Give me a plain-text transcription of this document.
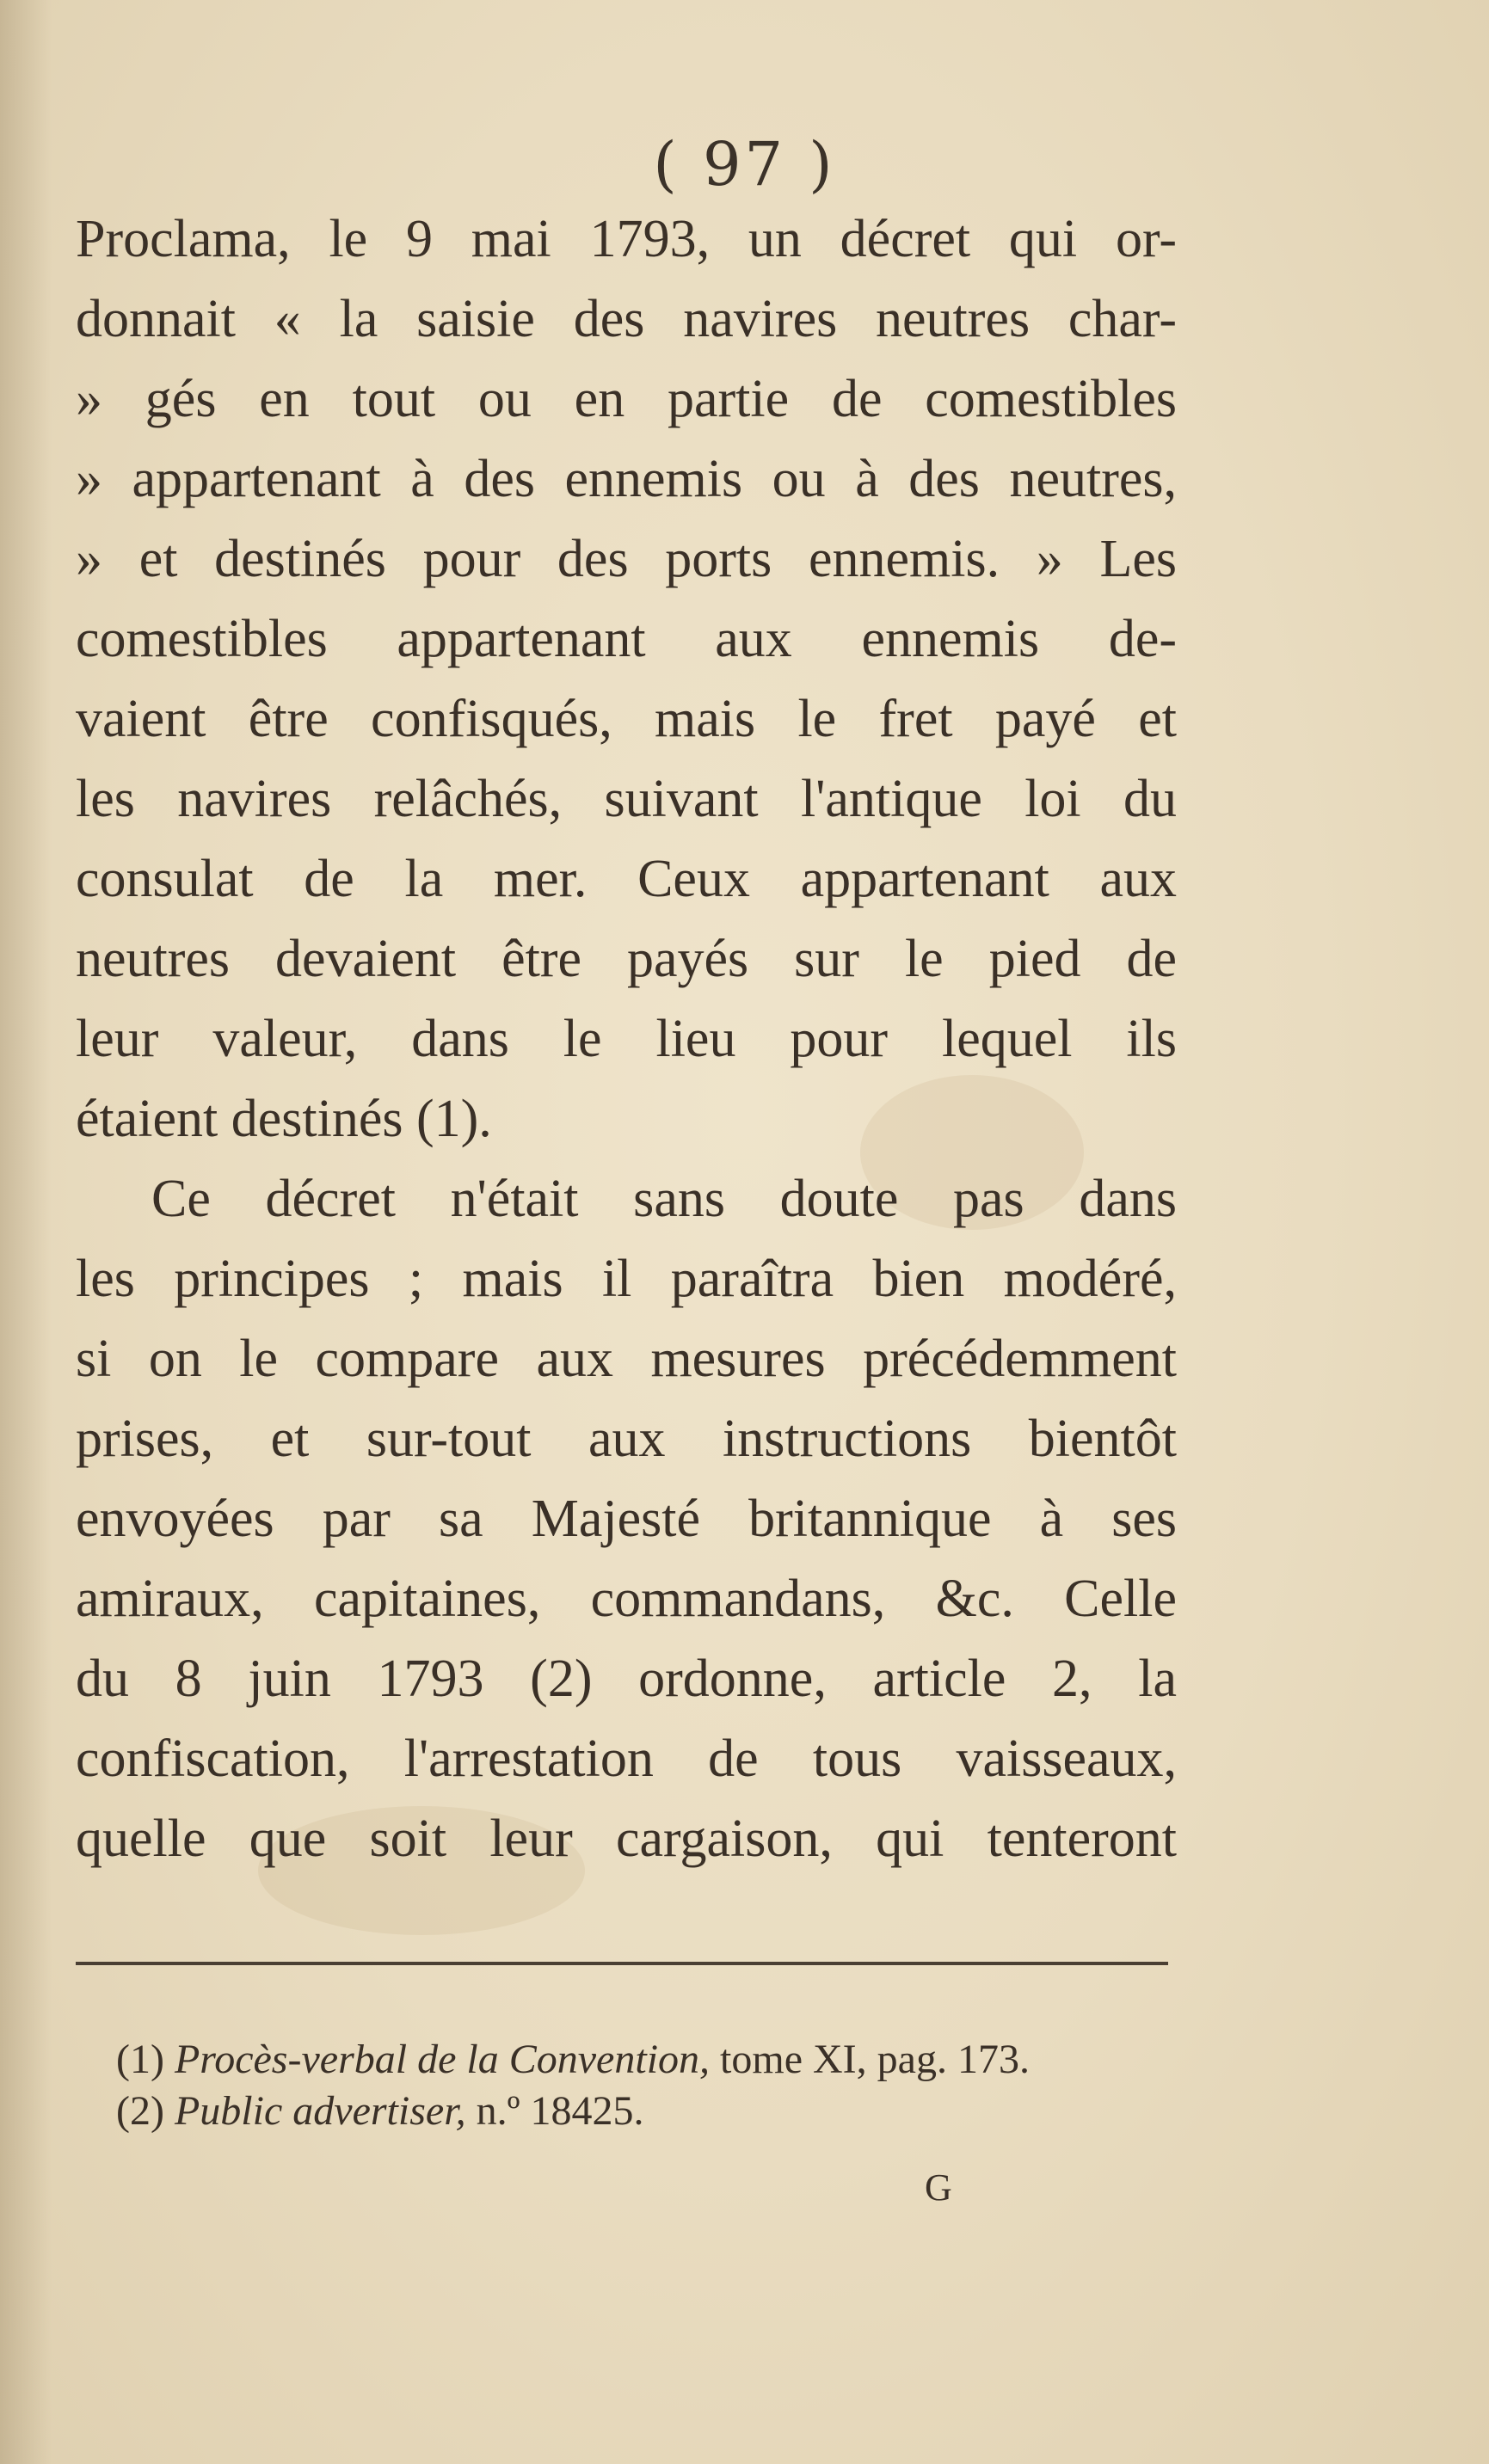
( 97 )
Proclama, le 9 mai 1793, un décret qui or-
donnait « la saisie des navires neutres char-
» gés en tout ou en partie de comestibles
» appartenant à des ennemis ou à des neutres,
» et destinés pour des ports ennemis. » Les
comestibles appartenant aux ennemis de-
vaient être confisqués, mais le fret payé et
les navires relâchés, suivant l'antique loi du
consulat de la mer. Ceux appartenant aux
neutres devaient être payés sur le pied de
leur valeur, dans le lieu pour lequel ils
étaient destinés (1).
Ce décret n'était sans doute pas dans
les principes ; mais il paraîtra bien modéré,
si on le compare aux mesures précédemment
prises, et sur-tout aux instructions bientôt
envoyées par sa Majesté britannique à ses
amiraux, capitaines, commandans, &c. Celle
du 8 juin 1793 (2) ordonne, article 2, la
confiscation, l'arrestation de tous vaisseaux,
quelle que soit leur cargaison, qui tenteront
(1) Procès-verbal de la Convention, tome XI, pag. 173.
(2) Public advertiser, n.º 18425.
G
